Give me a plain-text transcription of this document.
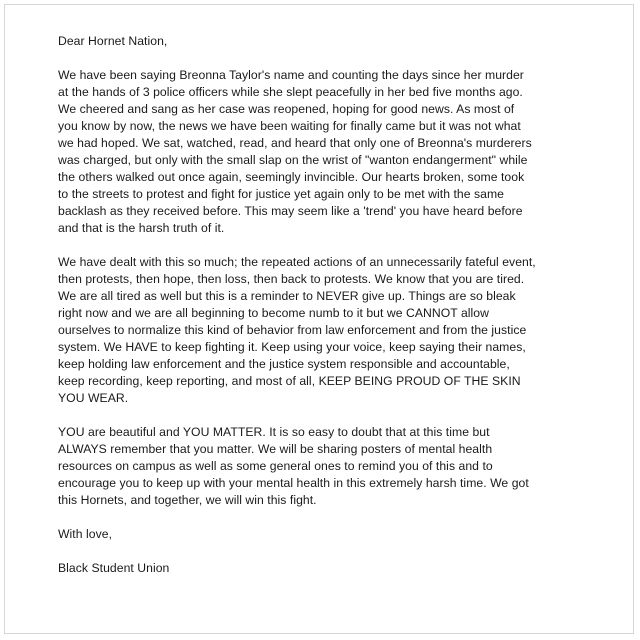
Dear Hornet Nation,
We have been saying Breonna Taylor's name and counting the days since her murder
at the hands of 3 police officers while she slept peacefully in her bed five months ago.
We cheered and sang as her case was reopened, hoping for good news. As most of
you know by now, the news we have been waiting for finally came but it was not what
we had hoped. We sat, watched, read, and heard that only one of Breonna's murderers
was charged, but only with the small slap on the wrist of "wanton endangerment" while
the others walked out once again, seemingly invincible. Our hearts broken, some took
to the streets to protest and fight for justice yet again only to be met with the same
backlash as they received before. This may seem like a 'trend' you have heard before
and that is the harsh truth of it.
We have dealt with this so much; the repeated actions of an unnecessarily fateful event,
then protests, then hope, then loss, then back to protests. We know that you are tired.
We are all tired as well but this is a reminder to NEVER give up. Things are so bleak
right now and we are all beginning to become numb to it but we CANNOT allow
ourselves to normalize this kind of behavior from law enforcement and from the justice
system. We HAVE to keep fighting it. Keep using your voice, keep saying their names,
keep holding law enforcement and the justice system responsible and accountable,
keep recording, keep reporting, and most of all, KEEP BEING PROUD OF THE SKIN
YOU WEAR.
YOU are beautiful and YOU MATTER. It is so easy to doubt that at this time but
ALWAYS remember that you matter. We will be sharing posters of mental health
resources on campus as well as some general ones to remind you of this and to
encourage you to keep up with your mental health in this extremely harsh time. We got
this Hornets, and together, we will win this fight.
With love,
Black Student Union
